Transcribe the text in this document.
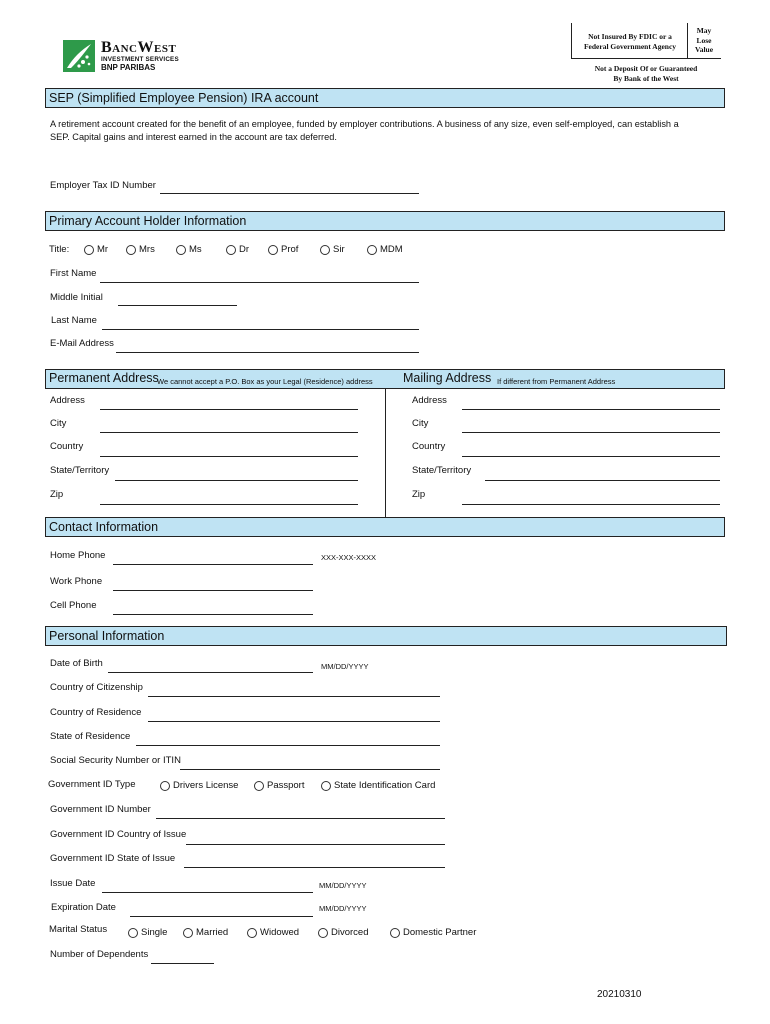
BancWest
INVESTMENT SERVICES
BNP PARIBAS
Not Insured By FDIC or a
Federal Government Agency
May
Lose
Value
Not a Deposit Of or Guaranteed
By Bank of the West
SEP (Simplified Employee Pension) IRA account
A retirement account created for the benefit of an employee, funded by employer contributions. A business of any size, even self-employed, can establish a
SEP. Capital gains and interest earned in the account are tax deferred.
Employer Tax ID Number
Primary Account Holder Information
Title:	Mr	Mrs	Ms	Dr	Prof	Sir	MDM
First Name
Middle Initial
Last Name
E-Mail Address
Permanent Address
We cannot accept a P.O. Box as your Legal (Residence) address Mailing Address If different from Permanent Address
Address
City
Country
State/Territory
Zip
Address
City
Country
State/Territory
Zip
Contact Information
Home Phone	XXX-XXX-XXXX
Work Phone
Cell Phone
Personal Information
Date of Birth	MM/DD/YYYY
Country of Citizenship
Country of Residence
State of Residence
Social Security Number or ITIN
Government ID Type	Drivers License	Passport	State Identification Card
Government ID Number
Government ID Country of Issue
Government ID State of Issue
Issue Date	MM/DD/YYYY
Expiration Date	MM/DD/YYYY
Marital Status	Single	Married	Widowed	Divorced	Domestic Partner
Number of Dependents
20210310
